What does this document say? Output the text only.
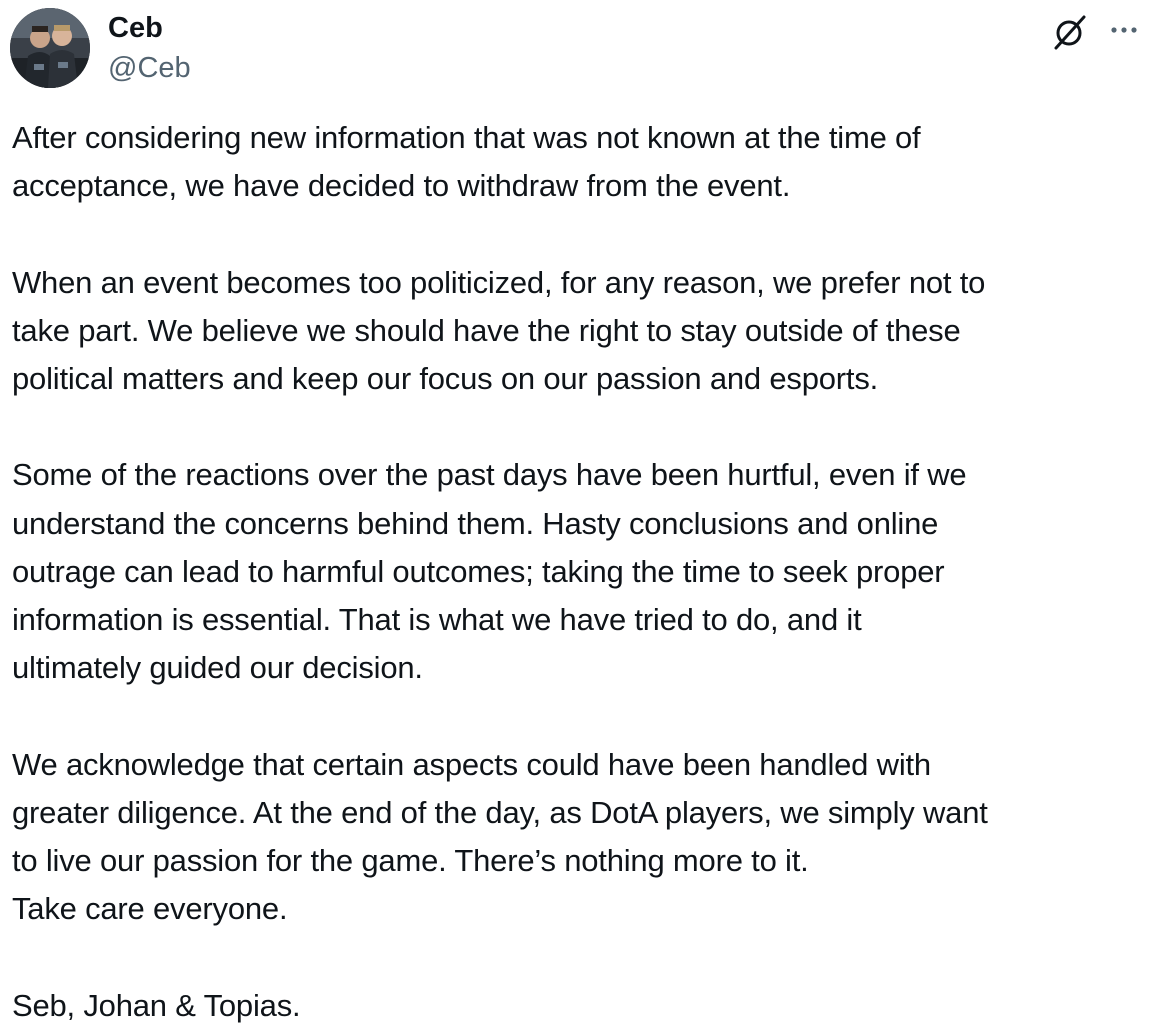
Ceb
@Ceb

After considering new information that was not known at the time of
acceptance, we have decided to withdraw from the event.

When an event becomes too politicized, for any reason, we prefer not to
take part. We believe we should have the right to stay outside of these
political matters and keep our focus on our passion and esports.

Some of the reactions over the past days have been hurtful, even if we
understand the concerns behind them. Hasty conclusions and online
outrage can lead to harmful outcomes; taking the time to seek proper
information is essential. That is what we have tried to do, and it
ultimately guided our decision.

We acknowledge that certain aspects could have been handled with
greater diligence. At the end of the day, as DotA players, we simply want
to live our passion for the game. There’s nothing more to it.
Take care everyone.

Seb, Johan & Topias.
